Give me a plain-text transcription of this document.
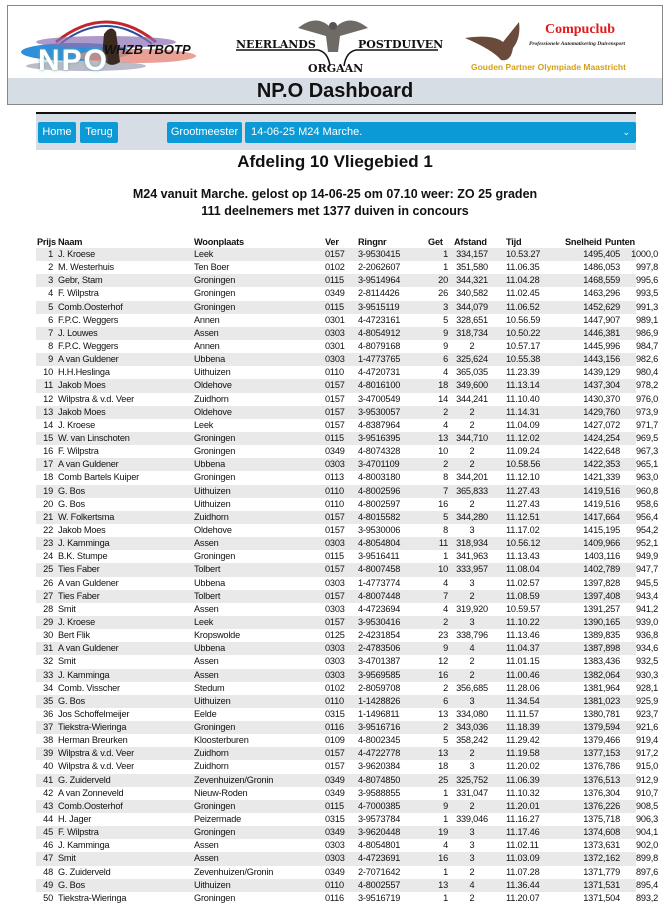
NPO
WHZB TBOTP	NEERLANDS	POSTDUIVEN
ORGAAN
Compuclub
Professionele Automatisering Duivensport
Gouden Partner Olympiade Maastricht
NP.O Dashboard
Home	Terug	Grootmeester	14-06-25 M24 Marche.	⌄
Afdeling 10 Vliegebied 1
M24 vanuit Marche. gelost op 14-06-25 om 07.10 weer: ZO 25 graden
111 deelnemers met 1377 duiven in concours
Prijs Naam	Woonplaats	Ver Ringnr	Get Afstand Tijd	Snelheid Punten
1 J. Kroese	Leek	0157 3-9530415	1 334,157	10.53.27	1495,405	1000,0
2 M. Westerhuis	Ten Boer	0102 2-2062607	1 351,580	11.06.35	1486,053	997,8
3 Gebr, Stam	Groningen	0115 3-9514964	20 344,321	11.04.28	1468,559	995,6
4 F. Wilpstra	Groningen	0349 2-8114426	26 340,582	11.02.45	1463,296	993,5
5 Comb.Oosterhof	Groningen	0115 3-9515119	3 344,079	11.06.52	1452,629	991,3
6 F.P.C. Weggers	Annen	0301 4-4723161	5 328,651	10.56.59	1447,907	989,1
7 J. Louwes	Assen	0303 4-8054912	9 318,734	10.50.22	1446,381	986,9
8 F.P.C. Weggers	Annen	0301 4-8079168	9	2	10.57.17	1445,996	984,7
9 A van Guldener	Ubbena	0303 1-4773765	6 325,624	10.55.38	1443,156	982,6
10 H.H.Heslinga	Uithuizen	0110 4-4720731	4 365,035	11.23.39	1439,129	980,4
11 Jakob Moes	Oldehove	0157 4-8016100	18 349,600	11.13.14	1437,304	978,2
12 Wilpstra & v.d. Veer	Zuidhorn	0157 3-4700549	14 344,241	11.10.40	1430,370	976,0
13 Jakob Moes	Oldehove	0157 3-9530057	2	2	11.14.31	1429,760	973,9
14 J. Kroese	Leek	0157 4-8387964	4	2	11.04.09	1427,072	971,7
15 W. van Linschoten	Groningen	0115 3-9516395	13 344,710	11.12.02	1424,254	969,5
16 F. Wilpstra	Groningen	0349 4-8074328	10	2	11.09.24	1422,648	967,3
17 A van Guldener	Ubbena	0303 3-4701109	2	2	10.58.56	1422,353	965,1
18 Comb Bartels Kuiper	Groningen	0113 4-8003180	8 344,201	11.12.10	1421,339	963,0
19 G. Bos	Uithuizen	0110 4-8002596	7 365,833	11.27.43	1419,516	960,8
20 G. Bos	Uithuizen	0110 4-8002597	16	2	11.27.43	1419,516	958,6
21 W. Folkertsma	Zuidhorn	0157 4-8015582	5 344,280	11.12.51	1417,664	956,4
22 Jakob Moes	Oldehove	0157 3-9530006	8	3	11.17.02	1415,195	954,2
23 J. Kamminga	Assen	0303 4-8054804	11 318,934	10.56.12	1409,966	952,1
24 B.K. Stumpe	Groningen	0115 3-9516411	1 341,963	11.13.43	1403,116	949,9
25 Ties Faber	Tolbert	0157 4-8007458	10 333,957	11.08.04	1402,789	947,7
26 A van Guldener	Ubbena	0303 1-4773774	4	3	11.02.57	1397,828	945,5
27 Ties Faber	Tolbert	0157 4-8007448	7	2	11.08.59	1397,408	943,4
28 Smit	Assen	0303 4-4723694	4 319,920	10.59.57	1391,257	941,2
29 J. Kroese	Leek	0157 3-9530416	2	3	11.10.22	1390,165	939,0
30 Bert Flik	Kropswolde	0125 2-4231854	23 338,796	11.13.46	1389,835	936,8
31 A van Guldener	Ubbena	0303 2-4783506	9	4	11.04.37	1387,898	934,6
32 Smit	Assen	0303 3-4701387	12	2	11.01.15	1383,436	932,5
33 J. Kamminga	Assen	0303 3-9569585	16	2	11.00.46	1382,064	930,3
34 Comb. Visscher	Stedum	0102 2-8059708	2 356,685	11.28.06	1381,964	928,1
35 G. Bos	Uithuizen	0110 1-1428826	6	3	11.34.54	1381,023	925,9
36 Jos Schoffelmeijer	Eelde	0315 1-1496811	13 334,080	11.11.57	1380,781	923,7
37 Tiekstra-Wieringa	Groningen	0116 3-9516716	2 343,036	11.18.39	1379,594	921,6
38 Herman Breurken	Kloosterburen	0109 4-8002345	5 358,242	11.29.42	1379,466	919,4
39 Wilpstra & v.d. Veer	Zuidhorn	0157 4-4722778	13	2	11.19.58	1377,153	917,2
40 Wilpstra & v.d. Veer	Zuidhorn	0157 3-9620384	18	3	11.20.02	1376,786	915,0
41 G. Zuiderveld	Zevenhuizen/Gronin	0349 4-8074850	25 325,752	11.06.39	1376,513	912,9
42 A van Zonneveld	Nieuw-Roden	0349 3-9588855	1 331,047	11.10.32	1376,304	910,7
43 Comb.Oosterhof	Groningen	0115 4-7000385	9	2	11.20.01	1376,226	908,5
44 H. Jager	Peizermade	0315 3-9573784	1 339,046	11.16.27	1375,718	906,3
45 F. Wilpstra	Groningen	0349 3-9620448	19	3	11.17.46	1374,608	904,1
46 J. Kamminga	Assen	0303 4-8054801	4	3	11.02.11	1373,631	902,0
47 Smit	Assen	0303 4-4723691	16	3	11.03.09	1372,162	899,8
48 G. Zuiderveld	Zevenhuizen/Gronin	0349 2-7071642	1	2	11.07.28	1371,779	897,6
49 G. Bos	Uithuizen	0110 4-8002557	13	4	11.36.44	1371,531	895,4
50 Tiekstra-Wieringa	Groningen	0116 3-9516719	1	2	11.20.07	1371,504	893,2
